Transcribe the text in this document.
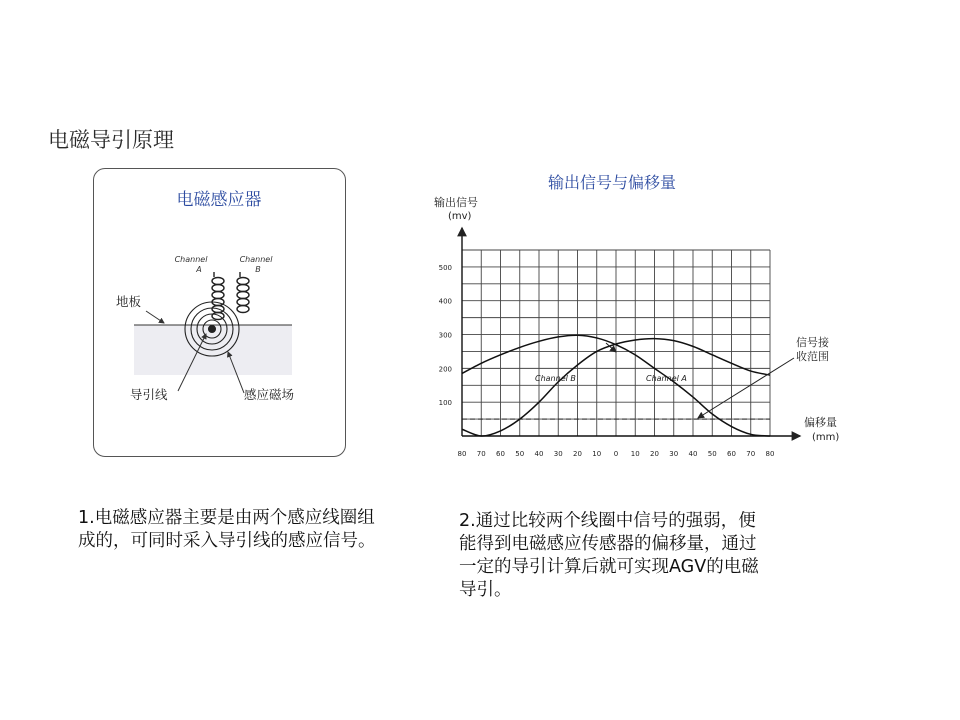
电磁导引原理
电磁感应器
Channel
A
Channel
B
地板
导引线	感应磁场
输出信号与偏移量
输出信号
(mv)
偏移量
(mm)
100
200
300
400
500
80 70 60 50 40 30 20 10 0 10 20 30 40 50 60 70 80
Channel B	Channel A
信号接
收范围
1.电磁感应器主要是由两个感应线圈组成的，可同时采入导引线的感应信号。
2.通过比较两个线圈中信号的强弱，便能得到电磁感应传感器的偏移量，通过一定的导引计算后就可实现AGV的电磁导引。
